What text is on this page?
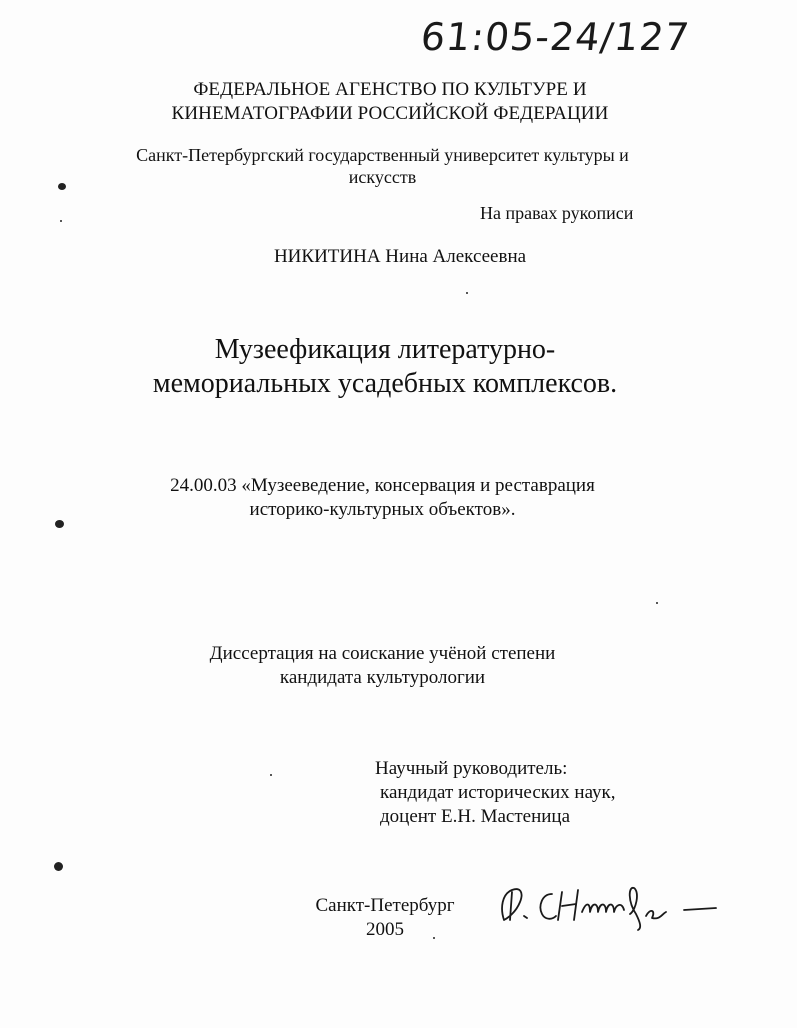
61:05-24/127
ФЕДЕРАЛЬНОЕ АГЕНСТВО ПО КУЛЬТУРЕ И
КИНЕМАТОГРАФИИ РОССИЙСКОЙ ФЕДЕРАЦИИ
Санкт-Петербургский государственный университет культуры и
искусств

На правах рукописи

НИКИТИНА Нина Алексеевна

Музеефикация литературно-
мемориальных усадебных комплексов.
24.00.03 «Музееведение, консервация и реставрация
историко-культурных объектов».
Диссертация на соискание учёной степени
кандидата культурологии
Научный руководитель:
кандидат исторических наук,
доцент Е.Н. Мастеница
Санкт-Петербург
2005
